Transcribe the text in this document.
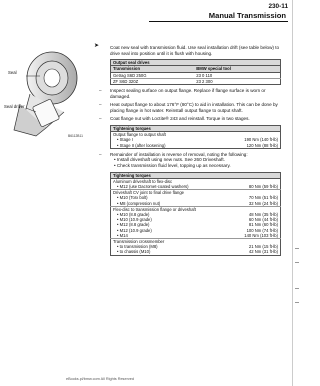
230-11
Manual Transmission
Seal
Seal driver
B6112B11
➤ Coat new seal with transmission fluid. Use seal installation drift (see table below) to drive seal into position until it is flush with housing.

Output seal drives	
Transmission	BMW special tool
Getrag S6D 250G	23 0 110
ZF S6D 320Z	23 2 300
– Inspect sealing surface on output flange. Replace if flange surface is worn or damaged.
– Heat output flange to about 176°F (80°C) to aid in installation. This can be done by placing flange in hot water. Reinstall output flange to output shaft.
– Coat flange nut with Loctite® 243 and reinstall. Torque in two stages.
Tightening torques	
Output flange to output shaft	
• Stage I	190 Nm (140 ft-lb)
• Stage II (after loosening)	120 Nm (88 ft-lb)
– Remainder of installation is reverse of removal, noting the following:
• Install driveshaft using new nuts. See 260 Driveshaft.
• Check transmission fluid level, topping up as necessary.
Tightening torques	
Aluminum driveshaft to flex-disc	
• M12 (use Dacromet-coated washers)	80 Nm (59 ft-lb)
Driveshaft CV joint to final drive flange	
• M10 (Torx bolt)	70 Nm (51 ft-lb)
• M8 (compression nut)	32 Nm (24 ft-lb)
Flex-disc to transmission flange or driveshaft	
• M10 (8.8 grade)	48 Nm (35 ft-lb)
• M10 (10.9 grade)	60 Nm (44 ft-lb)
• M12 (8.8 grade)	81 Nm (60 ft-lb)
• M12 (10.9 grade)	100 Nm (74 ft-lb)
• M14	140 Nm (103 ft-lb)
Transmission crossmember	
• to transmission (M8)	21 Nm (15 ft-lb)
• to chassis (M10)	42 Nm (31 ft-lb)
eBooks.pl/bmw.com All Rights Reserved
